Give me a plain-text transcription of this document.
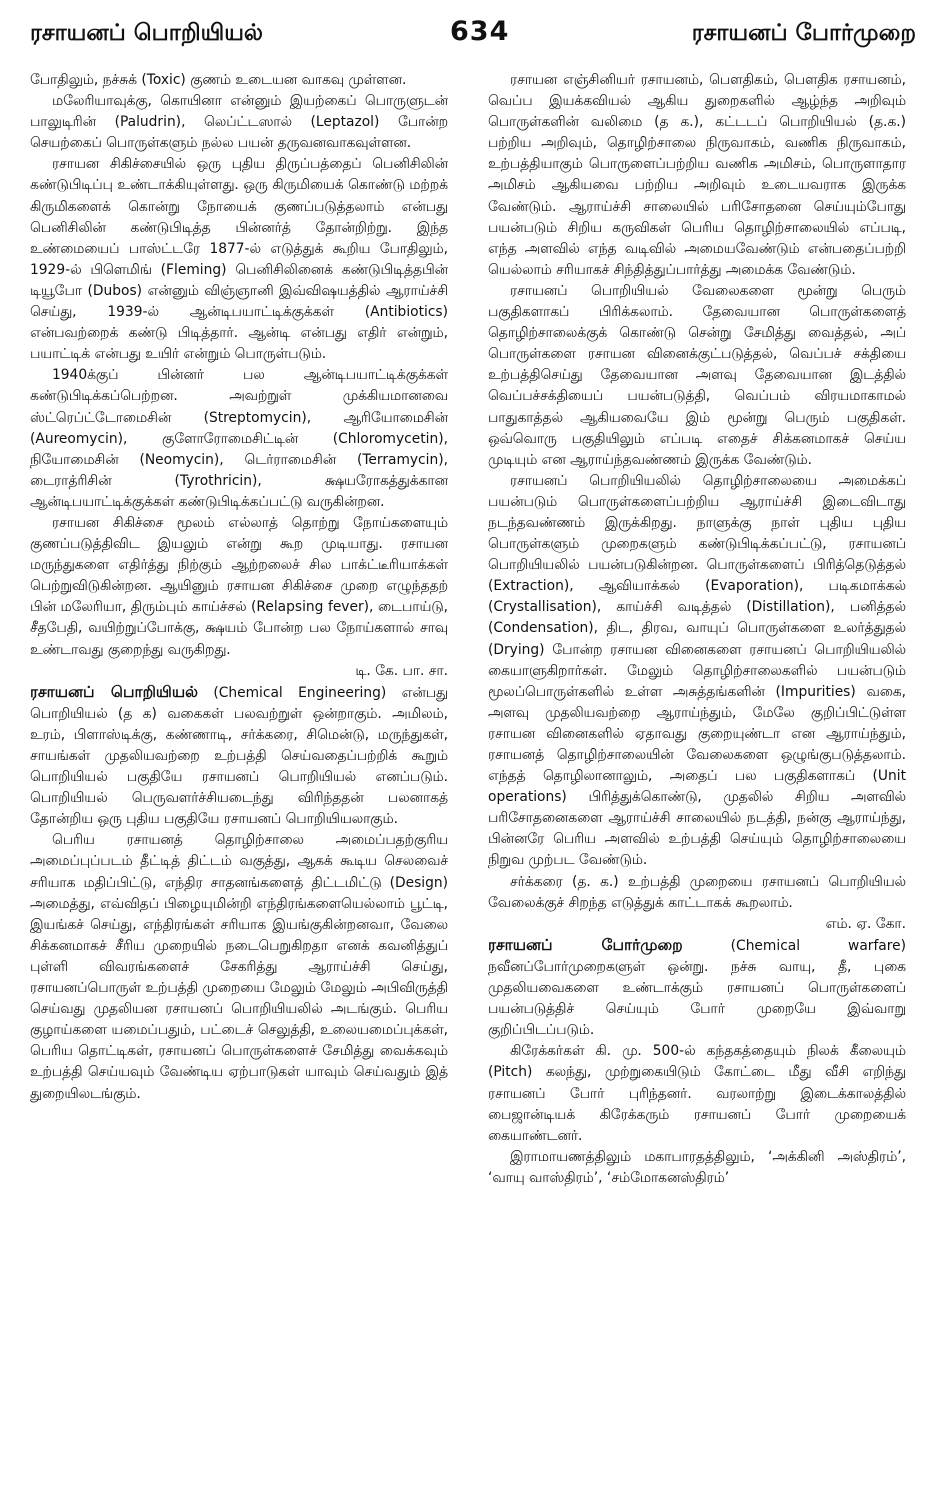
ரசாயனப் பொறியியல்	634	ரசாயனப் போர்முறை

போதிலும், நச்சுக் (Toxic) குணம் உடையன வாகவு முள்ளன.

மலேரியாவுக்கு, கொயினா என்னும் இயற்கைப் பொருளுடன் பாலுடிரின் (Paludrin), லெப்ட்டஸால் (Leptazol) போன்ற செயற்கைப் பொருள்களும் நல்ல பயன் தருவனவாகவுள்ளன.

ரசாயன சிகிச்சையில் ஒரு புதிய திருப்பத்தைப் பெனிசிலின் கண்டுபிடிப்பு உண்டாக்கியுள்ளது. ஒரு கிருமியைக் கொண்டு மற்றக் கிருமிகளைக் கொன்று நோயைக் குணப்படுத்தலாம் என்பது பெனிசிலின் கண்டுபிடித்த பின்னர்த் தோன்றிற்று. இந்த உண்மையைப் பாஸ்ட்டரே 1877-ல் எடுத்துக் கூறிய போதிலும், 1929-ல் பிளெமிங் (Fleming) பெனிசிலினைக் கண்டுபிடித்தபின் டியூபோ (Dubos) என்னும் விஞ்ஞானி இவ்விஷயத்தில் ஆராய்ச்சி செய்து, 1939-ல் ஆன்டிபயாட்டிக்குக்கள் (Antibiotics) என்பவற்றைக் கண்டு பிடித்தார். ஆன்டி என்பது எதிர் என்றும், பயாட்டிக் என்பது உயிர் என்றும் பொருள்படும்.

1940க்குப் பின்னர் பல ஆன்டிபயாட்டிக்குக்கள் கண்டுபிடிக்கப்பெற்றன. அவற்றுள் முக்கியமானவை ஸ்ட்ரெப்ட்டோமைசின் (Streptomycin), ஆரியோமைசின் (Aureomycin), குளோரோமைசிட்டின் (Chloromycetin), நியோமைசின் (Neomycin), டெர்ராமைசின் (Terramycin), டைராத்ரிசின் (Tyrothricin), க்ஷயரோகத்துக்கான ஆன்டிபயாட்டிக்குக்கள் கண்டுபிடிக்கப்பட்டு வருகின்றன.

ரசாயன சிகிச்சை மூலம் எல்லாத் தொற்று நோய்களையும் குணப்படுத்திவிட இயலும் என்று கூற முடியாது. ரசாயன மருந்துகளை எதிர்த்து நிற்கும் ஆற்றலைச் சில பாக்ட்டீரியாக்கள் பெற்றுவிடுகின்றன. ஆயினும் ரசாயன சிகிச்சை முறை எழுந்ததற் பின் மலேரியா, திரும்பும் காய்ச்சல் (Relapsing fever), டைபாய்டு, சீதபேதி, வயிற்றுப்போக்கு, க்ஷயம் போன்ற பல நோய்களால் சாவு உண்டாவது குறைந்து வருகிறது.

டி. கே. பா. சா.

ரசாயனப் பொறியியல் (Chemical Engineering) என்பது பொறியியல் (த க) வகைகள் பலவற்றுள் ஒன்றாகும். அமிலம், உரம், பிளாஸ்டிக்கு, கண்ணாடி, சர்க்கரை, சிமென்டு, மருந்துகள், சாயங்கள் முதலியவற்றை உற்பத்தி செய்வதைப்பற்றிக் கூறும் பொறியியல் பகுதியே ரசாயனப் பொறியியல் எனப்படும். பொறியியல் பெருவளர்ச்சியடைந்து விரிந்ததன் பலனாகத் தோன்றிய ஒரு புதிய பகுதியே ரசாயனப் பொறியியலாகும்.

பெரிய ரசாயனத் தொழிற்சாலை அமைப்பதற்குரிய அமைப்புப்படம் தீட்டித் திட்டம் வகுத்து, ஆகக் கூடிய செலவைச் சரியாக மதிப்பிட்டு, எந்திர சாதனங்களைத் திட்டமிட்டு (Design) அமைத்து, எவ்விதப் பிழையுமின்றி எந்திரங்களையெல்லாம் பூட்டி, இயங்கச் செய்து, எந்திரங்கள் சரியாக இயங்குகின்றனவா, வேலை சிக்கனமாகச் சீரிய முறையில் நடைபெறுகிறதா எனக் கவனித்துப் புள்ளி விவரங்களைச் சேகரித்து ஆராய்ச்சி செய்து, ரசாயனப்பொருள் உற்பத்தி முறையை மேலும் மேலும் அபிவிருத்தி செய்வது முதலியன ரசாயனப் பொறியியலில் அடங்கும். பெரிய குழாய்களை யமைப்பதும், பட்டைச் செலுத்தி, உலையமைப்புக்கள், பெரிய தொட்டிகள், ரசாயனப் பொருள்களைச் சேமித்து வைக்கவும் உற்பத்தி செய்யவும் வேண்டிய ஏற்பாடுகள் யாவும் செய்வதும் இத் துறையிலடங்கும்.

ரசாயன எஞ்சினியர் ரசாயனம், பௌதிகம், பௌதிக ரசாயனம், வெப்ப இயக்கவியல் ஆகிய துறைகளில் ஆழ்ந்த அறிவும் பொருள்களின் வலிமை (த க.), கட்டடப் பொறியியல் (த.க.) பற்றிய அறிவும், தொழிற்சாலை நிருவாகம், வணிக நிருவாகம், உற்பத்தியாகும் பொருளைப்பற்றிய வணிக அமிசம், பொருளாதார அமிசம் ஆகியவை பற்றிய அறிவும் உடையவராக இருக்க வேண்டும். ஆராய்ச்சி சாலையில் பரிசோதனை செய்யும்போது பயன்படும் சிறிய கருவிகள் பெரிய தொழிற்சாலையில் எப்படி, எந்த அளவில் எந்த வடிவில் அமையவேண்டும் என்பதைப்பற்றி யெல்லாம் சரியாகச் சிந்தித்துப்பார்த்து அமைக்க வேண்டும்.

ரசாயனப் பொறியியல் வேலைகளை மூன்று பெரும் பகுதிகளாகப் பிரிக்கலாம். தேவையான பொருள்களைத் தொழிற்சாலைக்குக் கொண்டு சென்று சேமித்து வைத்தல், அப் பொருள்களை ரசாயன வினைக்குட்படுத்தல், வெப்பச் சக்தியை உற்பத்திசெய்து தேவையான அளவு தேவையான இடத்தில் வெப்பச்சக்தியைப் பயன்படுத்தி, வெப்பம் விரயமாகாமல் பாதுகாத்தல் ஆகியவையே இம் மூன்று பெரும் பகுதிகள். ஒவ்வொரு பகுதியிலும் எப்படி எதைச் சிக்கனமாகச் செய்ய முடியும் என ஆராய்ந்தவண்ணம் இருக்க வேண்டும்.

ரசாயனப் பொறியியலில் தொழிற்சாலையை அமைக்கப் பயன்படும் பொருள்களைப்பற்றிய ஆராய்ச்சி இடைவிடாது நடந்தவண்ணம் இருக்கிறது. நாளுக்கு நாள் புதிய புதிய பொருள்களும் முறைகளும் கண்டுபிடிக்கப்பட்டு, ரசாயனப் பொறியியலில் பயன்படுகின்றன. பொருள்களைப் பிரித்தெடுத்தல் (Extraction), ஆவியாக்கல் (Evaporation), படிகமாக்கல் (Crystallisation), காய்ச்சி வடித்தல் (Distillation), பனித்தல் (Condensation), திட, திரவ, வாயுப் பொருள்களை உலர்த்துதல் (Drying) போன்ற ரசாயன வினைகளை ரசாயனப் பொறியியலில் கையாளுகிறார்கள். மேலும் தொழிற்சாலைகளில் பயன்படும் மூலப்பொருள்களில் உள்ள அசுத்தங்களின் (Impurities) வகை, அளவு முதலியவற்றை ஆராய்ந்தும், மேலே குறிப்பிட்டுள்ள ரசாயன வினைகளில் ஏதாவது குறையுண்டா என ஆராய்ந்தும், ரசாயனத் தொழிற்சாலையின் வேலைகளை ஒழுங்குபடுத்தலாம். எந்தத் தொழிலானாலும், அதைப் பல பகுதிகளாகப் (Unit operations) பிரித்துக்கொண்டு, முதலில் சிறிய அளவில் பரிசோதனைகளை ஆராய்ச்சி சாலையில் நடத்தி, நன்கு ஆராய்ந்து, பின்னரே பெரிய அளவில் உற்பத்தி செய்யும் தொழிற்சாலையை நிறுவ முற்பட வேண்டும்.

சர்க்கரை (த. க.) உற்பத்தி முறையை ரசாயனப் பொறியியல் வேலைக்குச் சிறந்த எடுத்துக் காட்டாகக் கூறலாம்.

எம். ஏ. கோ.

ரசாயனப் போர்முறை	(Chemical warfare) நவீனப்போர்முறைகளுள் ஒன்று. நச்சு வாயு, தீ, புகை முதலியவைகளை உண்டாக்கும் ரசாயனப் பொருள்களைப் பயன்படுத்திச் செய்யும் போர் முறையே இவ்வாறு குறிப்பிடப்படும்.

கிரேக்கர்கள் கி. மு. 500-ல் கந்தகத்தையும் நிலக் கீலையும் (Pitch) கலந்து, முற்றுகையிடும் கோட்டை மீது வீசி எறிந்து ரசாயனப் போர் புரிந்தனர். வரலாற்று இடைக்காலத்தில் பைஜான்டியக் கிரேக்கரும் ரசாயனப் போர் முறையைக் கையாண்டனர்.

இராமாயணத்திலும் மகாபாரதத்திலும், ‘அக்கினி அஸ்திரம்’, ‘வாயு வாஸ்திரம்’, ‘சம்மோகனஸ்திரம்’
